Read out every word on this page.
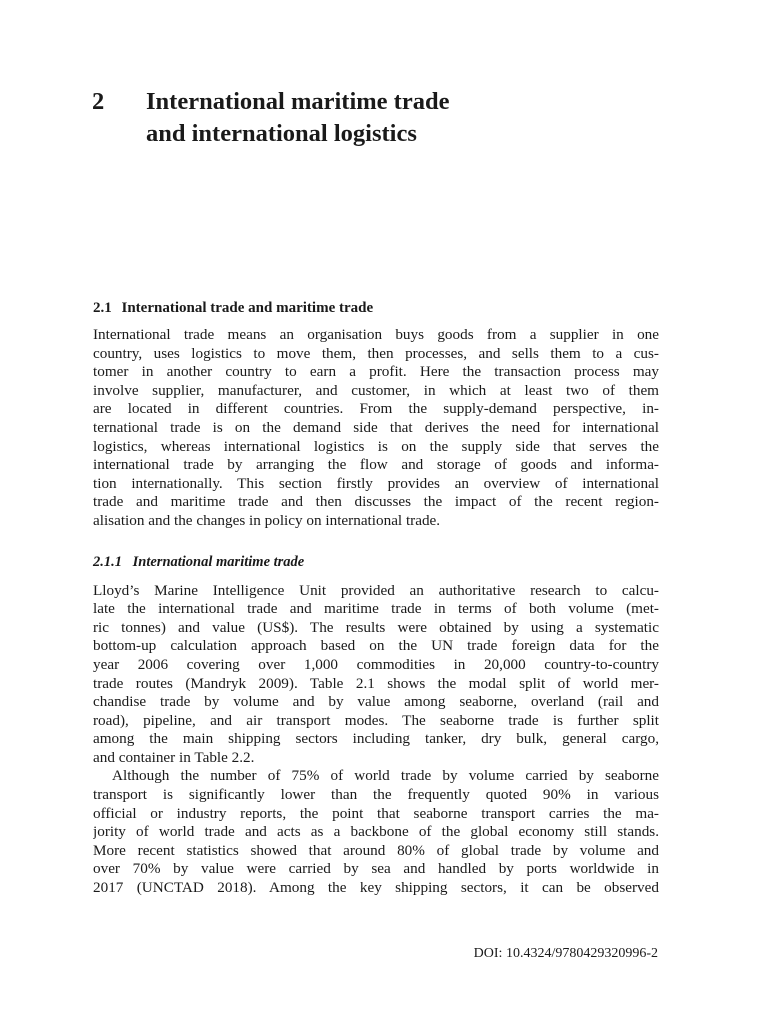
2 International maritime trade
and international logistics
2.1 International trade and maritime trade

International trade means an organisation buys goods from a supplier in one
country, uses logistics to move them, then processes, and sells them to a cus-
tomer in another country to earn a profit. Here the transaction process may
involve supplier, manufacturer, and customer, in which at least two of them
are located in different countries. From the supply-demand perspective, in-
ternational trade is on the demand side that derives the need for international
logistics, whereas international logistics is on the supply side that serves the
international trade by arranging the flow and storage of goods and informa-
tion internationally. This section firstly provides an overview of international
trade and maritime trade and then discusses the impact of the recent region-
alisation and the changes in policy on international trade.

2.1.1 International maritime trade

Lloyd’s Marine Intelligence Unit provided an authoritative research to calcu-
late the international trade and maritime trade in terms of both volume (met-
ric tonnes) and value (US$). The results were obtained by using a systematic
bottom-up calculation approach based on the UN trade foreign data for the
year 2006 covering over 1,000 commodities in 20,000 country-to-country
trade routes (Mandryk 2009). Table 2.1 shows the modal split of world mer-
chandise trade by volume and by value among seaborne, overland (rail and
road), pipeline, and air transport modes. The seaborne trade is further split
among the main shipping sectors including tanker, dry bulk, general cargo,
and container in Table 2.2.

Although the number of 75% of world trade by volume carried by seaborne
transport is significantly lower than the frequently quoted 90% in various
official or industry reports, the point that seaborne transport carries the ma-
jority of world trade and acts as a backbone of the global economy still stands.
More recent statistics showed that around 80% of global trade by volume and
over 70% by value were carried by sea and handled by ports worldwide in
2017 (UNCTAD 2018). Among the key shipping sectors, it can be observed

DOI: 10.4324/9780429320996-2
